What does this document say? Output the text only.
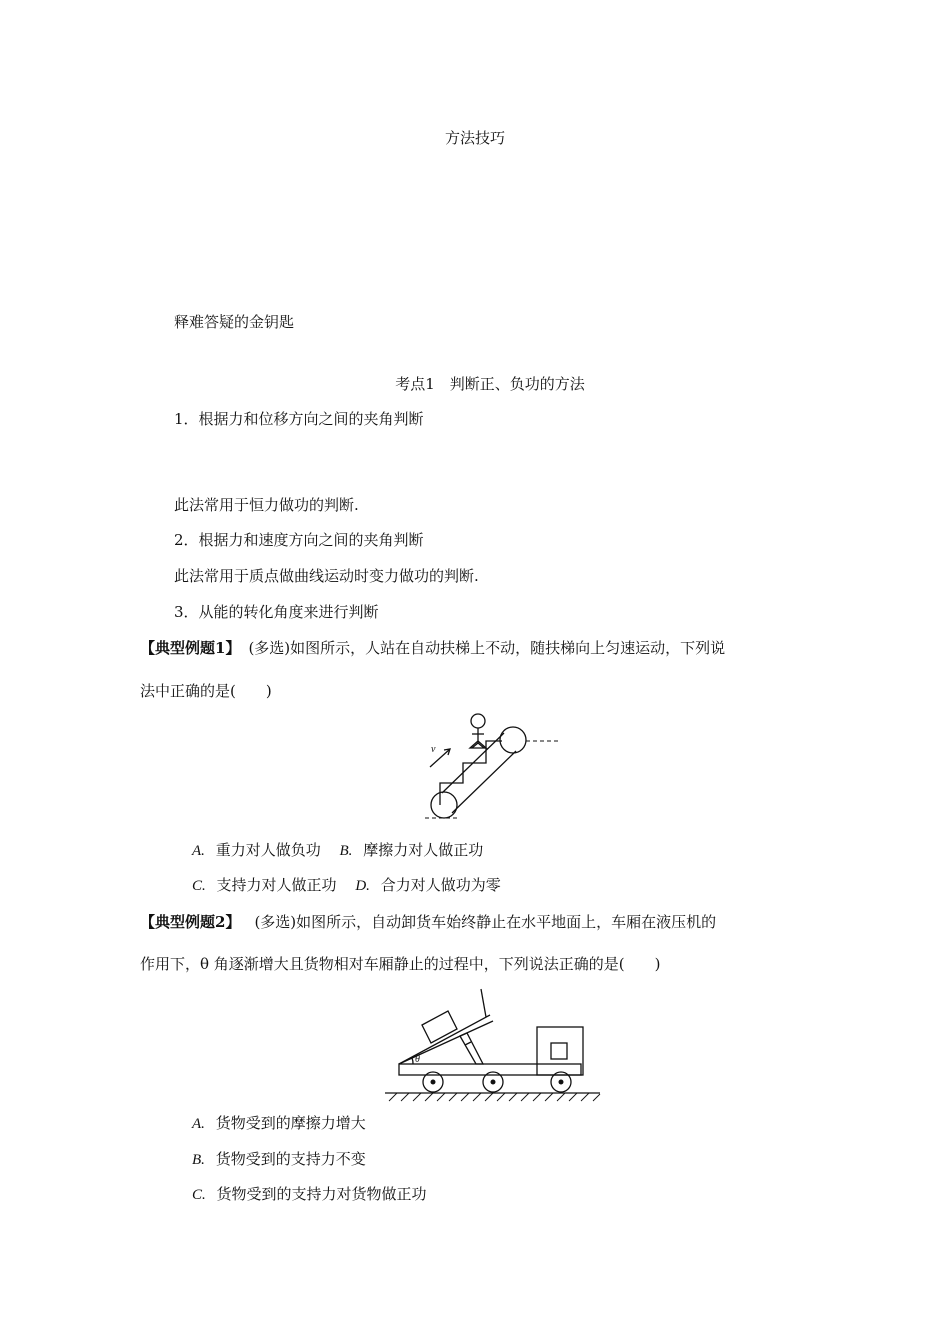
方法技巧
释难答疑的金钥匙
考点1　判断正、负功的方法
1．根据力和位移方向之间的夹角判断
此法常用于恒力做功的判断.
2．根据力和速度方向之间的夹角判断
此法常用于质点做曲线运动时变力做功的判断.
3．从能的转化角度来进行判断
【典型例题1】 (多选)如图所示，人站在自动扶梯上不动，随扶梯向上匀速运动，下列说
法中正确的是(　　)
v
A. 重力对人做负功 B. 摩擦力对人做正功
C. 支持力对人做正功 D. 合力对人做功为零
【典型例题2】 (多选)如图所示，自动卸货车始终静止在水平地面上，车厢在液压机的
作用下，θ 角逐渐增大且货物相对车厢静止的过程中，下列说法正确的是(　　)
θ
A. 货物受到的摩擦力增大
B. 货物受到的支持力不变
C. 货物受到的支持力对货物做正功
